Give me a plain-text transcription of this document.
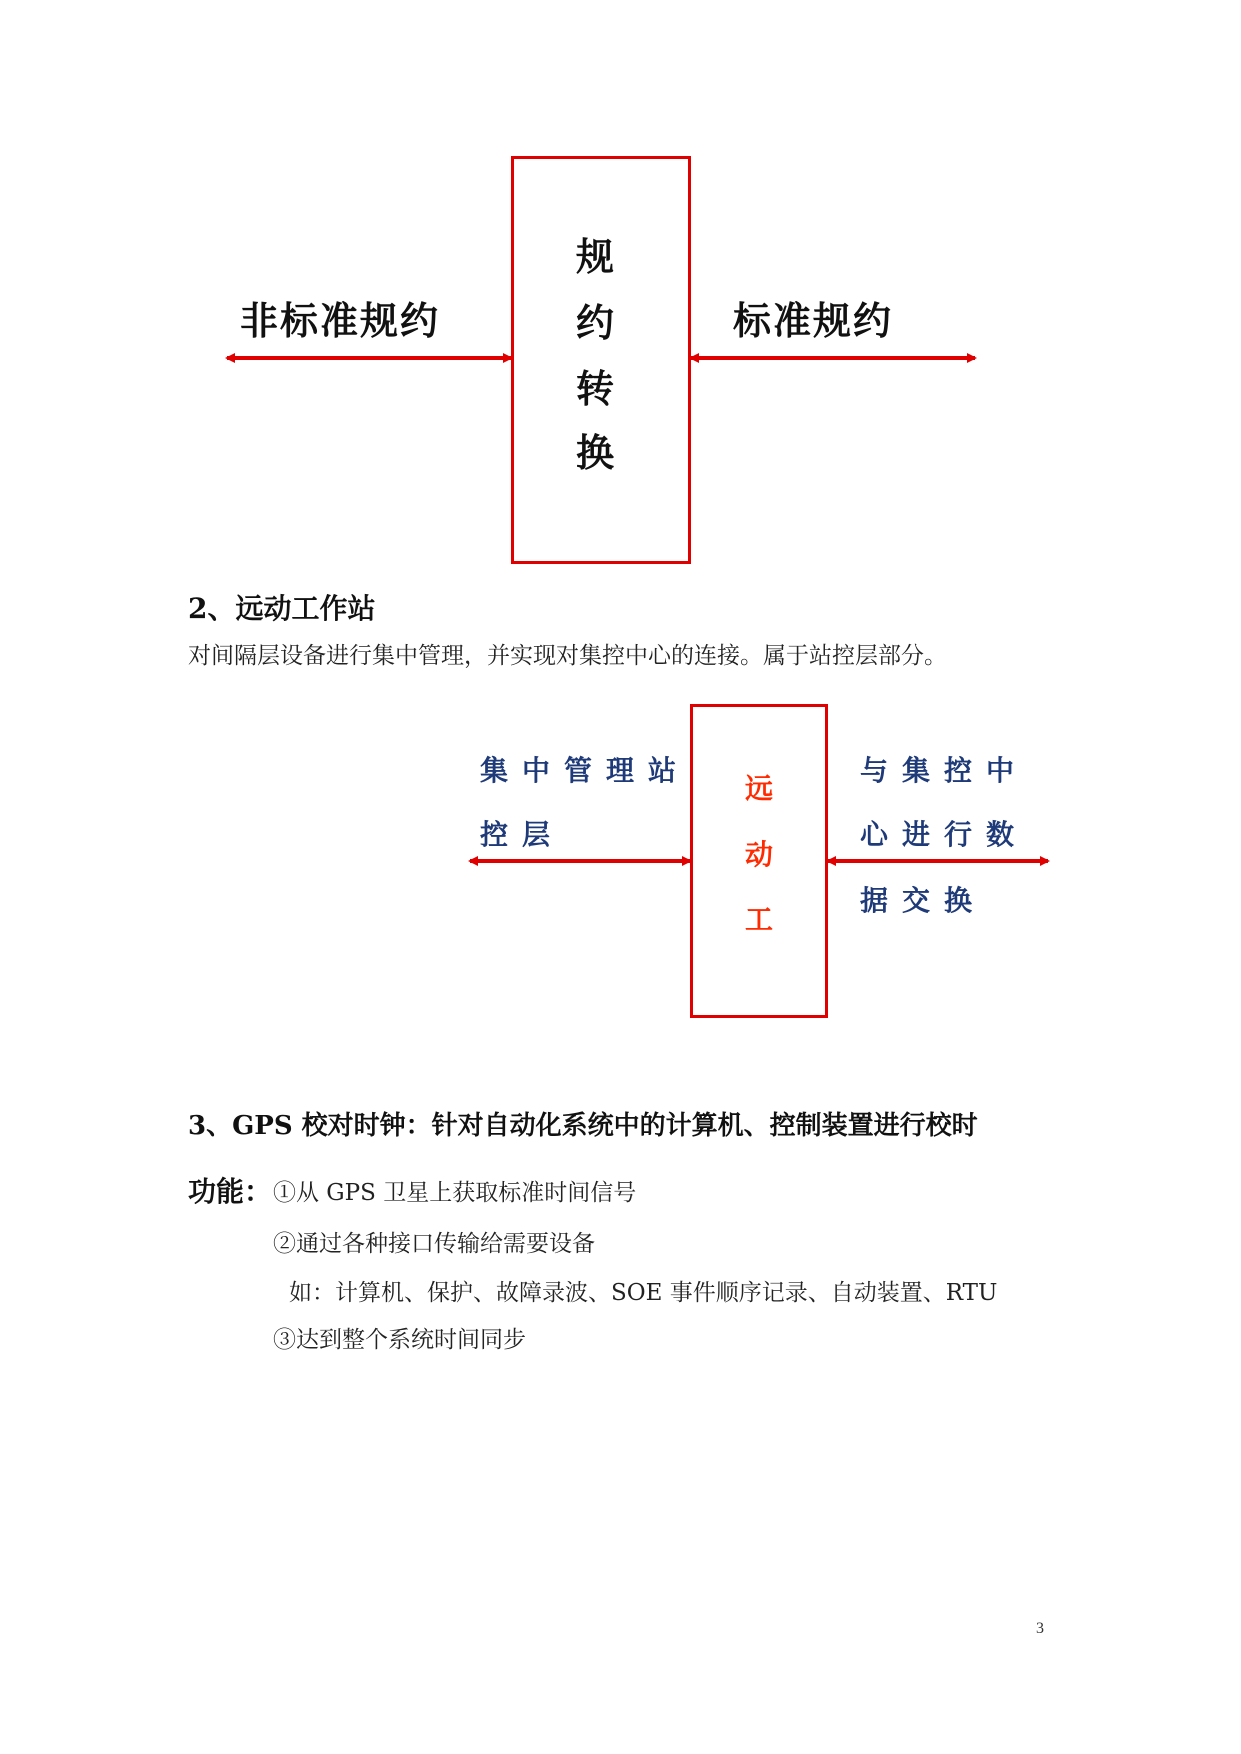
规
约
转
换
非标准规约	标准规约
2、远动工作站
对间隔层设备进行集中管理，并实现对集控中心的连接。属于站控层部分。
远
动
工
集中管理站
控层
与集控中
心进行数
据交换
3、GPS 校对时钟：针对自动化系统中的计算机、控制装置进行校时
功能： ①从 GPS 卫星上获取标准时间信号
②通过各种接口传输给需要设备
如：计算机、保护、故障录波、SOE 事件顺序记录、自动装置、RTU
③达到整个系统时间同步
3
